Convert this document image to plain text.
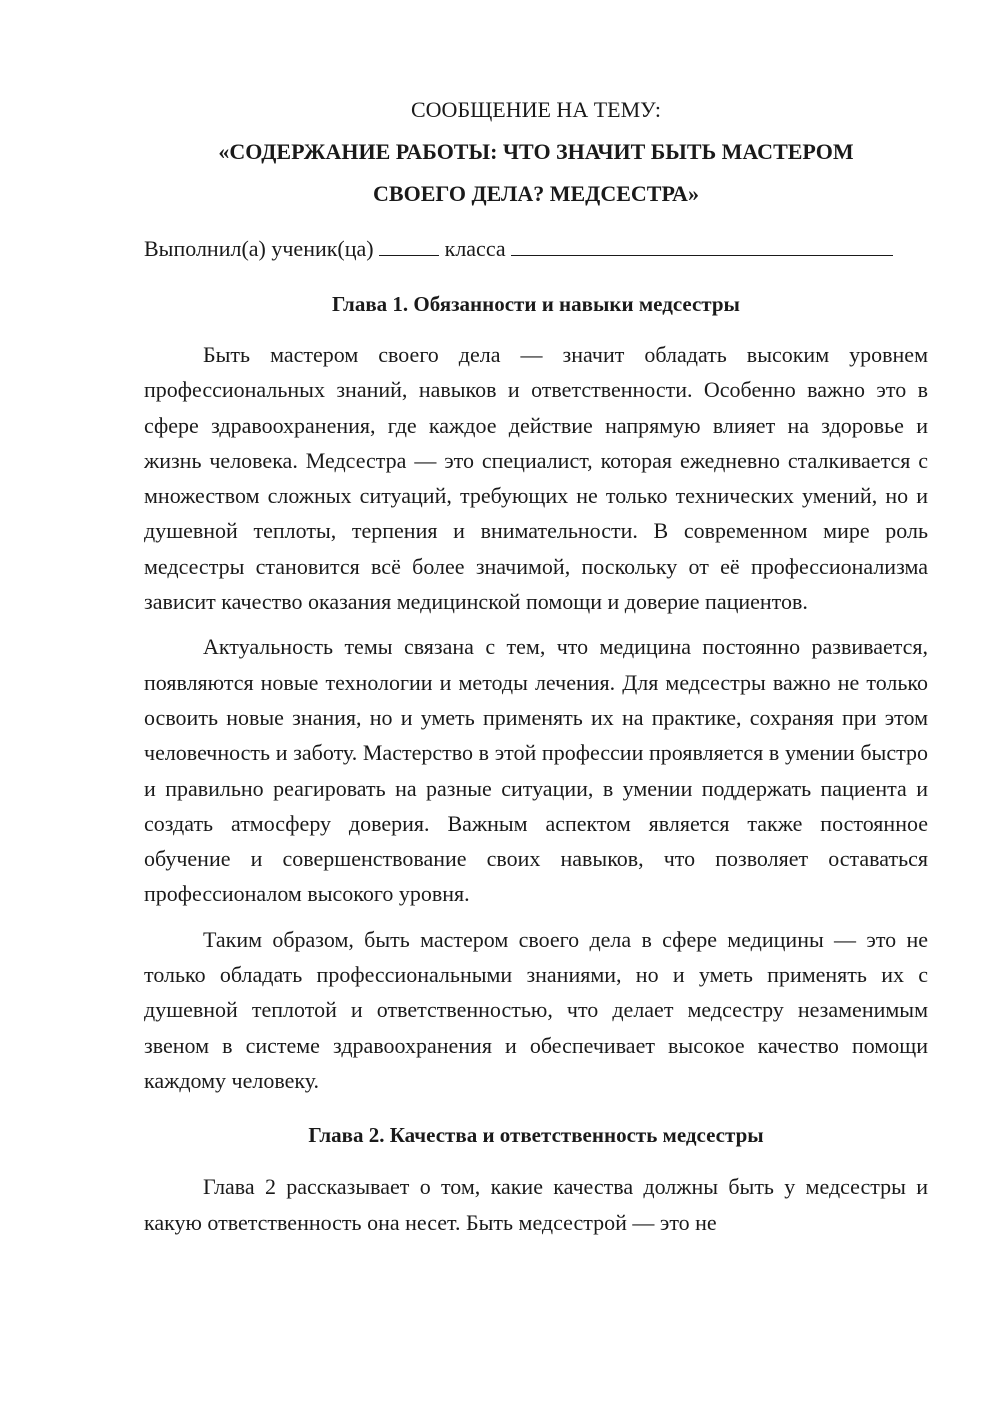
СООБЩЕНИЕ НА ТЕМУ:

«СОДЕРЖАНИЕ РАБОТЫ: ЧТО ЗНАЧИТ БЫТЬ МАСТЕРОМ

СВОЕГО ДЕЛА? МЕДСЕСТРА»

Выполнил(а) ученик(ца)	класса
Глава 1. Обязанности и навыки медсестры

Быть мастером своего дела — значит обладать высоким уровнем профессиональных знаний, навыков и ответственности. Особенно важно это в сфере здравоохранения, где каждое действие напрямую влияет на здоровье и жизнь человека. Медсестра — это специалист, которая ежедневно сталкивается с множеством сложных ситуаций, требующих не только технических умений, но и душевной теплоты, терпения и внимательности. В современном мире роль медсестры становится всё более значимой, поскольку от её профессионализма зависит качество оказания медицинской помощи и доверие пациентов.

Актуальность темы связана с тем, что медицина постоянно развивается, появляются новые технологии и методы лечения. Для медсестры важно не только освоить новые знания, но и уметь применять их на практике, сохраняя при этом человечность и заботу. Мастерство в этой профессии проявляется в умении быстро и правильно реагировать на разные ситуации, в умении поддержать пациента и создать атмосферу доверия. Важным аспектом является также постоянное обучение и совершенствование своих навыков, что позволяет оставаться профессионалом высокого уровня.

Таким образом, быть мастером своего дела в сфере медицины — это не только обладать профессиональными знаниями, но и уметь применять их с душевной теплотой и ответственностью, что делает медсестру незаменимым звеном в системе здравоохранения и обеспечивает высокое качество помощи каждому человеку.

Глава 2. Качества и ответственность медсестры

Глава 2 рассказывает о том, какие качества должны быть у медсестры и какую ответственность она несет. Быть медсестрой — это не
